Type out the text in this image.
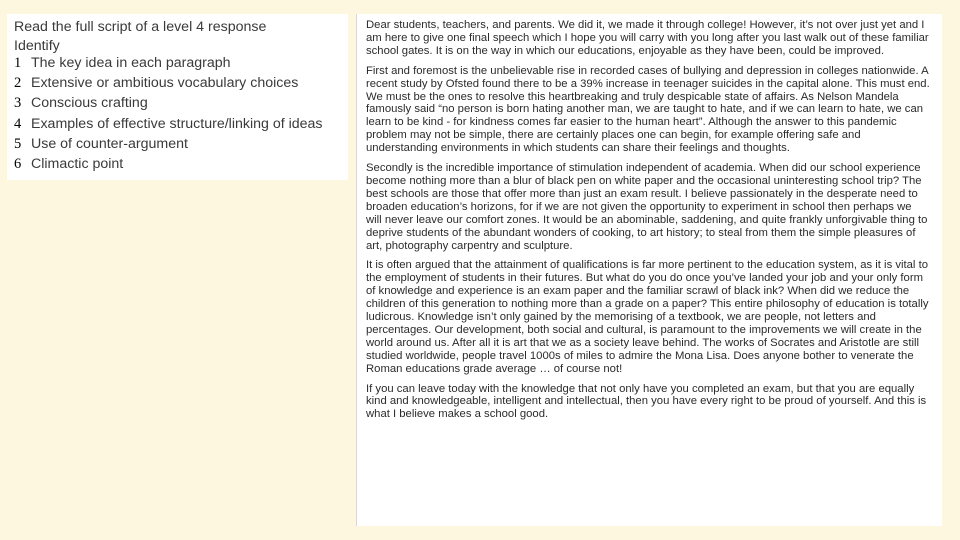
Read the full script of a level 4 response
Identify
1 The key idea in each paragraph
2 Extensive or ambitious vocabulary choices
3 Conscious crafting
4 Examples of effective structure/linking of ideas
5 Use of counter-argument
6 Climactic point

Dear students, teachers, and parents. We did it, we made it through college! However, it’s not over just yet and I am here to give one final speech which I hope you will carry with you long after you last walk out of these familiar school gates. It is on the way in which our educations, enjoyable as they have been, could be improved.

First and foremost is the unbelievable rise in recorded cases of bullying and depression in colleges nationwide. A recent study by Ofsted found there to be a 39% increase in teenager suicides in the capital alone. This must end. We must be the ones to resolve this heartbreaking and truly despicable state of affairs. As Nelson Mandela famously said “no person is born hating another man, we are taught to hate, and if we can learn to hate, we can learn to be kind - for kindness comes far easier to the human heart”. Although the answer to this pandemic problem may not be simple, there are certainly places one can begin, for example offering safe and understanding environments in which students can share their feelings and thoughts.

Secondly is the incredible importance of stimulation independent of academia. When did our school experience become nothing more than a blur of black pen on white paper and the occasional uninteresting school trip? The best schools are those that offer more than just an exam result. I believe passionately in the desperate need to broaden education’s horizons, for if we are not given the opportunity to experiment in school then perhaps we will never leave our comfort zones. It would be an abominable, saddening, and quite frankly unforgivable thing to deprive students of the abundant wonders of cooking, to art history; to steal from them the simple pleasures of art, photography carpentry and sculpture.

It is often argued that the attainment of qualifications is far more pertinent to the education system, as it is vital to the employment of students in their futures. But what do you do once you’ve landed your job and your only form of knowledge and experience is an exam paper and the familiar scrawl of black ink? When did we reduce the children of this generation to nothing more than a grade on a paper? This entire philosophy of education is totally ludicrous. Knowledge isn’t only gained by the memorising of a textbook, we are people, not letters and percentages. Our development, both social and cultural, is paramount to the improvements we will create in the world around us. After all it is art that we as a society leave behind. The works of Socrates and Aristotle are still studied worldwide, people travel 1000s of miles to admire the Mona Lisa. Does anyone bother to venerate the Roman educations grade average … of course not!

If you can leave today with the knowledge that not only have you completed an exam, but that you are equally kind and knowledgeable, intelligent and intellectual, then you have every right to be proud of yourself. And this is what I believe makes a school good.
